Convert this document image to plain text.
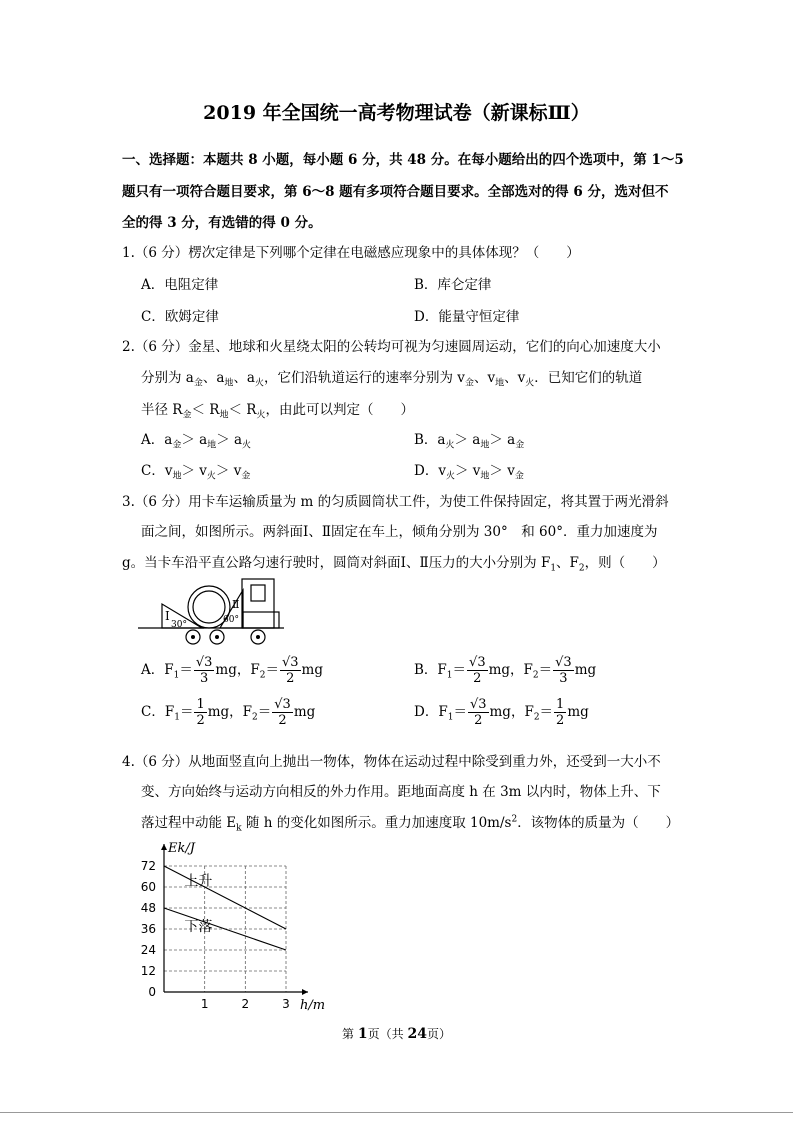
2019 年全国统一高考物理试卷（新课标Ⅲ）
一、选择题：本题共 8 小题，每小题 6 分，共 48 分。在每小题给出的四个选项中，第 1～5
题只有一项符合题目要求，第 6～8 题有多项符合题目要求。全部选对的得 6 分，选对但不
全的得 3 分，有选错的得 0 分。
1.（6 分）楞次定律是下列哪个定律在电磁感应现象中的具体体现？（　　）
A．电阻定律	B．库仑定律
C．欧姆定律	D．能量守恒定律
2.（6 分）金星、地球和火星绕太阳的公转均可视为匀速圆周运动，它们的向心加速度大小
分别为 $a_金$、$a_地$、$a_火$，它们沿轨道运行的速率分别为 $v_金$、$v_地$、$v_火$．已知它们的轨道
半径 $R_金< R_地< R_火$，由此可以判定（　　）
A．$a_金> a_地> a_火$	B．$a_火> a_地> a_金$
C．$v_地> v_火> v_金$	D．$v_火> v_地> v_金$
3.（6 分）用卡车运输质量为 m 的匀质圆筒状工件，为使工件保持固定，将其置于两光滑斜
面之间，如图所示。两斜面Ⅰ、Ⅱ固定在车上，倾角分别为 30°　和 60°．重力加速度为
g。当卡车沿平直公路匀速行驶时，圆筒对斜面Ⅰ、Ⅱ压力的大小分别为 $F_1$、$F_2$，则（　　）
Ⅰ
30°
Ⅱ
60°
A．$F_1= \frac{√3}{3}$ mg，$F_2= \frac{√3}{2}$ mg	B．$F_1= \frac{√3}{2}$ mg，$F_2= \frac{√3}{3}$ mg
C．$F_1= \frac{1}{2}$ mg，$F_2= \frac{√3}{2}$ mg	D．$F_1= \frac{√3}{2}$ mg，$F_2= \frac{1}{2}$ mg
4.（6 分）从地面竖直向上抛出一物体，物体在运动过程中除受到重力外，还受到一大小不
变、方向始终与运动方向相反的外力作用。距地面高度 h 在 3m 以内时，物体上升、下
落过程中动能 $E_k$ 随 h 的变化如图所示。重力加速度取 $10m/s^2$．该物体的质量为（　　）
0
12
24
36
48
60
72
1	2	3
Ek/J
h/m
上升
下落
第 1页（共 24页）
